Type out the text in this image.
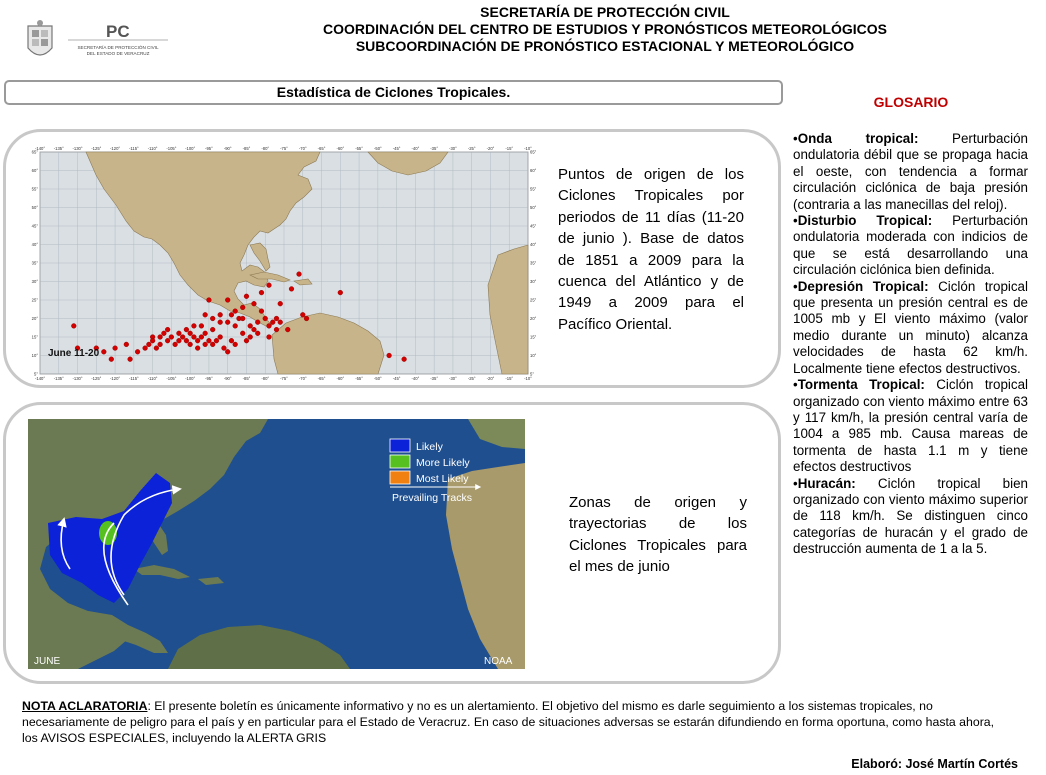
PC
SECRETARÍA DE PROTECCIÓN CIVIL
DEL ESTADO DE VERACRUZ
SECRETARÍA DE PROTECCIÓN CIVIL
COORDINACIÓN DEL CENTRO DE ESTUDIOS Y PRONÓSTICOS METEOROLÓGICOS
SUBCOORDINACIÓN DE PRONÓSTICO ESTACIONAL Y METEOROLÓGICO
Estadística de Ciclones Tropicales.
GLOSARIO

•Onda tropical: Perturbación ondulatoria débil que se propaga hacia el oeste, con tendencia a formar circulación ciclónica de baja presión (contraria a las manecillas del reloj).

•Disturbio Tropical: Perturbación ondulatoria moderada con indicios de que se está desarrollando una circulación ciclónica bien definida.

•Depresión Tropical: Ciclón tropical que presenta un presión central es de 1005 mb y El viento máximo (valor medio durante un minuto) alcanza velocidades de hasta 62 km/h. Localmente tiene efectos destructivos.

•Tormenta Tropical: Ciclón tropical organizado con viento máximo entre 63 y 117 km/h, la presión central varía de 1004 a 985 mb. Causa mareas de tormenta de hasta 1.1 m y tiene efectos destructivos

•Huracán: Ciclón tropical bien organizado con viento máximo superior de 118 km/h. Se distinguen cinco categorías de huracán y el grado de destrucción aumenta de 1 a la 5.

-140°
-140°
-135°
-135°
-130°
-130°
-125°
-125°
-120°
-120°
-115°
-115°
-110°
-110°
-105°
-105°
-100°
-100°
-95°
-95°
-90°
-90°
-85°
-85°
-80°
-80°
-75°
-75°
-70°
-70°
-65°
-65°
-60°
-60°
-55°
-55°
-50°
-50°
-45°
-45°
-40°
-40°
-35°
-35°
-30°
-30°
-25°
-25°
-20°
-20°
-15°
-15°
-10°
-10°
65°	65°
60°	60°
55°	55°
50°	50°
45°	45°
40°	40°
35°	35°
30°	30°
25°	25°
20°	20°
15°	15°
10°	10°
5°	5°
June 11-20
Puntos de origen de los Ciclones Tropicales por periodos de 11 días (11-20 de junio ). Base de datos de 1851 a 2009 para la cuenca del Atlántico y de 1949 a 2009 para el Pacífico Oriental.
Likely
More Likely
Most Likely
Prevailing Tracks
JUNE	NOAA
Zonas de origen y trayectorias de los Ciclones Tropicales para el mes de junio
NOTA ACLARATORIA: El presente boletín es únicamente informativo y no es un alertamiento. El objetivo del mismo es darle seguimiento a los sistemas tropicales, no necesariamente de peligro para el país y en particular para el Estado de Veracruz. En caso de situaciones adversas se estarán difundiendo en forma oportuna, como hasta ahora, los AVISOS ESPECIALES, incluyendo la ALERTA GRIS
Elaboró: José Martín Cortés
